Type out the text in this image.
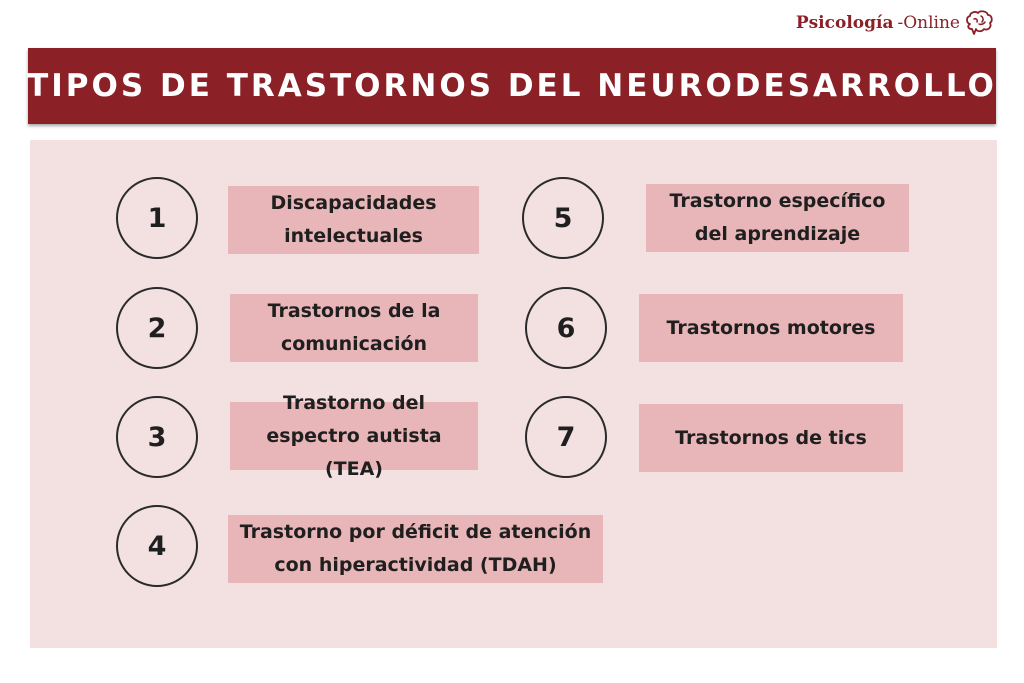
Psicología -Online
TIPOS DE TRASTORNOS DEL NEURODESARROLLO
1	Discapacidades intelectuales
2
Trastornos de la comunicación
3
Trastorno del espectro autista (TEA)
4	Trastorno por déficit de atención con hiperactividad (TDAH)
5
Trastorno específico del aprendizaje
6	Trastornos motores
7	Trastornos de tics
